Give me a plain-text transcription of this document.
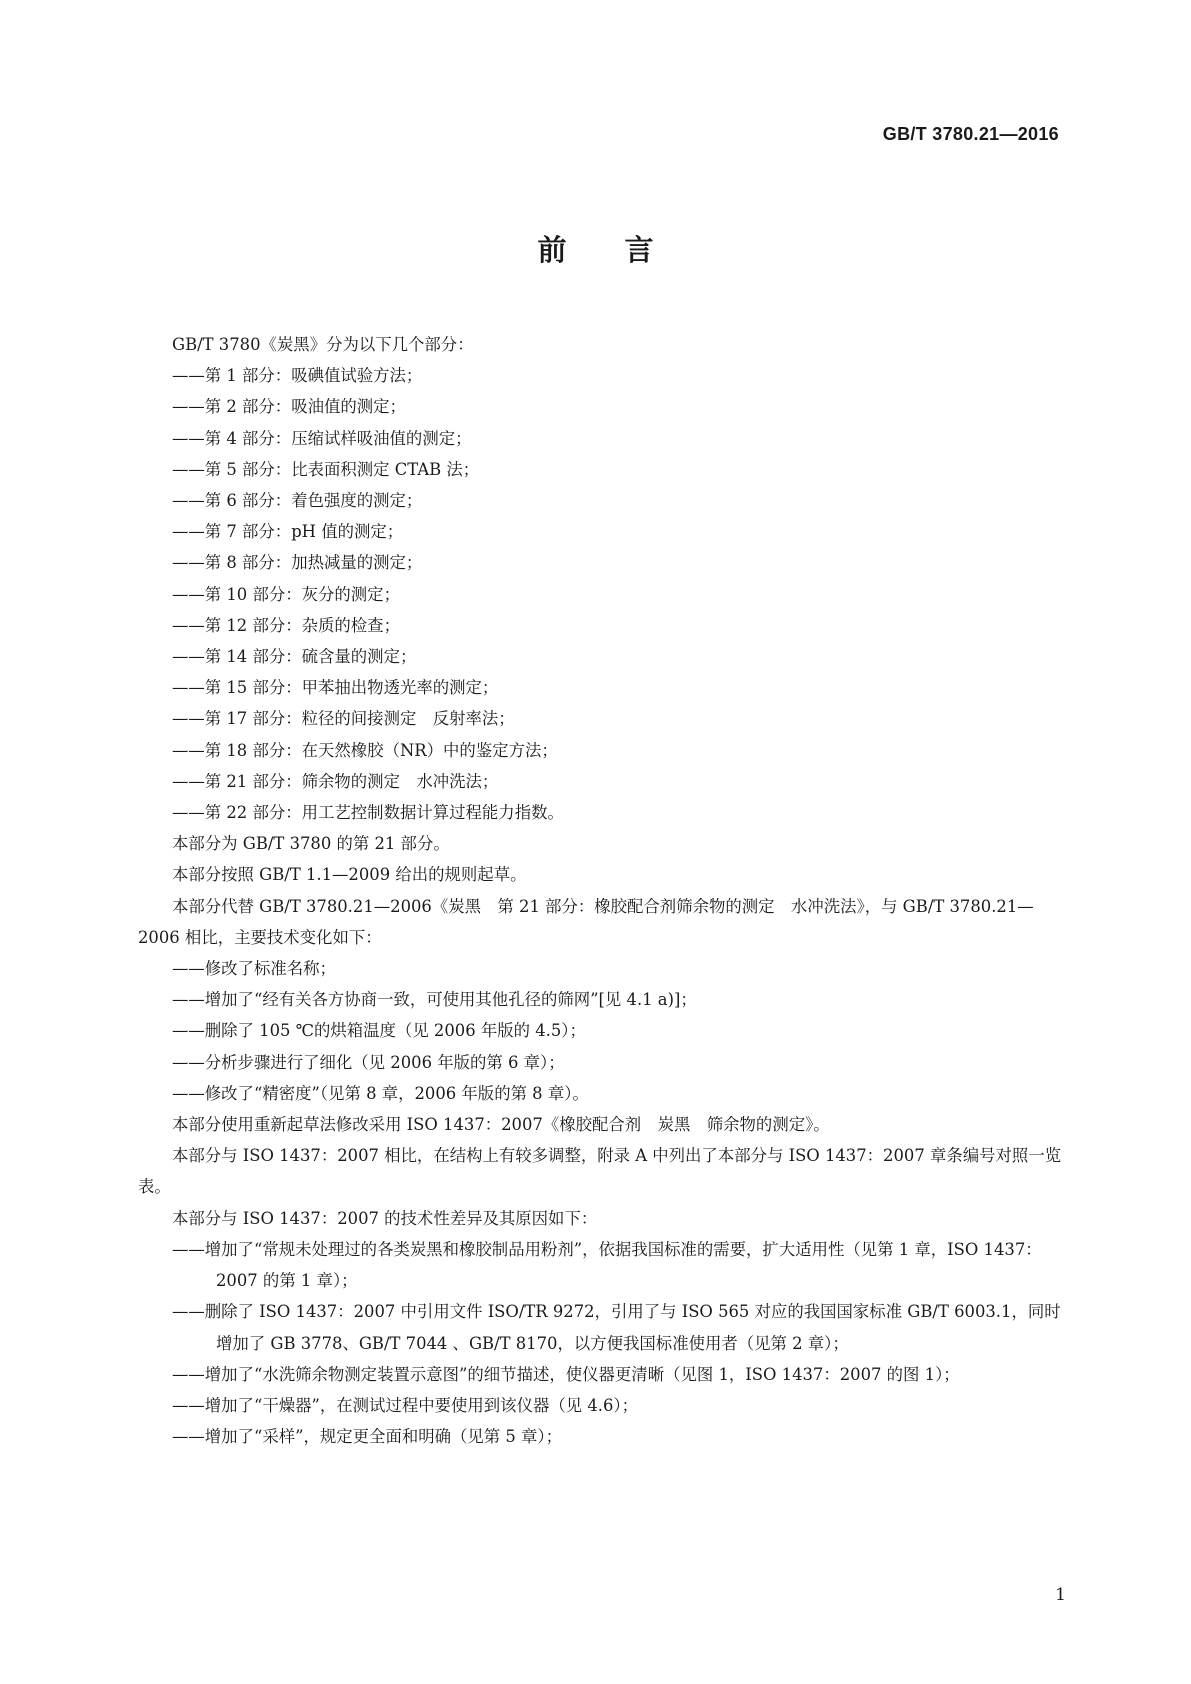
GB/T 3780.21—2016
前言
GB/T 3780《炭黑》分为以下几个部分：
——第 1 部分：吸碘值试验方法；
——第 2 部分：吸油值的测定；
——第 4 部分：压缩试样吸油值的测定；
——第 5 部分：比表面积测定 CTAB 法；
——第 6 部分：着色强度的测定；
——第 7 部分：pH 值的测定；
——第 8 部分：加热减量的测定；
——第 10 部分：灰分的测定；
——第 12 部分：杂质的检查；
——第 14 部分：硫含量的测定；
——第 15 部分：甲苯抽出物透光率的测定；
——第 17 部分：粒径的间接测定　反射率法；
——第 18 部分：在天然橡胶（NR）中的鉴定方法；
——第 21 部分：筛余物的测定　水冲洗法；
——第 22 部分：用工艺控制数据计算过程能力指数。
本部分为 GB/T 3780 的第 21 部分。
本部分按照 GB/T 1.1—2009 给出的规则起草。
本部分代替 GB/T 3780.21—2006《炭黑　第 21 部分：橡胶配合剂筛余物的测定　水冲洗法》，与 GB/T 3780.21—2006 相比，主要技术变化如下：
——修改了标准名称；
——增加了“经有关各方协商一致，可使用其他孔径的筛网”[见 4.1 a)]；
——删除了 105 ℃的烘箱温度（见 2006 年版的 4.5）；
——分析步骤进行了细化（见 2006 年版的第 6 章）；
——修改了“精密度”（见第 8 章，2006 年版的第 8 章）。
本部分使用重新起草法修改采用 ISO 1437：2007《橡胶配合剂　炭黑　筛余物的测定》。
本部分与 ISO 1437：2007 相比，在结构上有较多调整，附录 A 中列出了本部分与 ISO 1437：2007 章条编号对照一览表。
本部分与 ISO 1437：2007 的技术性差异及其原因如下：
——增加了“常规未处理过的各类炭黑和橡胶制品用粉剂”，依据我国标准的需要，扩大适用性（见第 1 章，ISO 1437：2007 的第 1 章）；
——删除了 ISO 1437：2007 中引用文件 ISO/TR 9272，引用了与 ISO 565 对应的我国国家标准 GB/T 6003.1，同时增加了 GB 3778、GB/T 7044 、GB/T 8170，以方便我国标准使用者（见第 2 章）；
——增加了“水洗筛余物测定装置示意图”的细节描述，使仪器更清晰（见图 1，ISO 1437：2007 的图 1）；
——增加了“干燥器”，在测试过程中要使用到该仪器（见 4.6）；
——增加了“采样”，规定更全面和明确（见第 5 章）；
1
